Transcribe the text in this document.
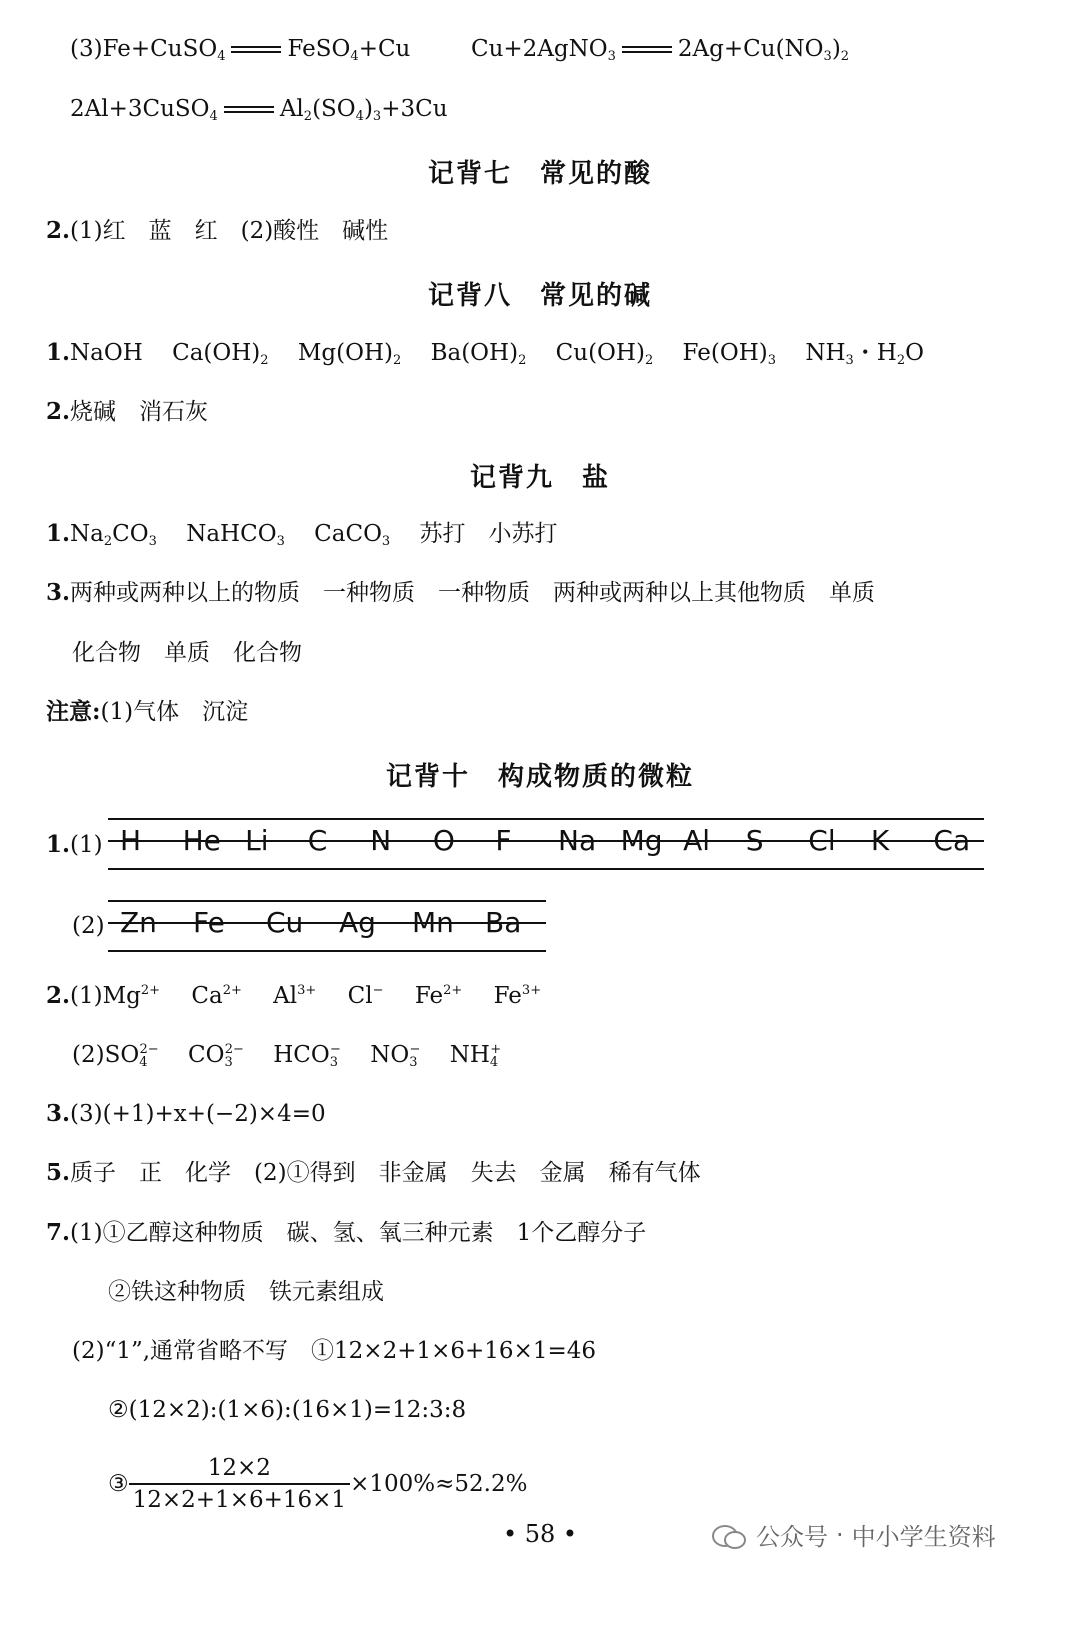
(3)Fe+CuSO$_4$	FeSO$_4$+Cu	Cu+2AgNO$_3$	$2Ag+Cu(NO_3)_2$
2Al+3CuSO$_4$	$Al_2(SO_4)_3+3Cu$
记背七　常见的酸
2.(1)红　蓝　红　(2)酸性　碱性
记背八　常见的碱
1.NaOH $Ca(OH)_2$ $Mg(OH)_2$ $Ba(OH)_2$ $Cu(OH)_2$ $Fe(OH)_3$ $NH_3$・$H_2O$
2.烧碱　消石灰
记背九　盐
$1.Na_2CO_3$ NaHCO$_3$ CaCO$_3$ 苏打　小苏打
3.两种或两种以上的物质　一种物质　一种物质　两种或两种以上其他物质　单质
化合物　单质　化合物
注意:(1)气体　沉淀
记背十　构成物质的微粒
1.(1) H He Li C N O F Na Mg Al S Cl K Ca
(2) Zn Fe Cu Ag Mn Ba
$2.(1)Mg^{2+}$ $Ca^{2+}$ $Al^{3+}$ Cl− $Fe^{2+}$ $Fe^{3+}$
$(2)SO_4^{2-}$ $CO_3^{2-}$ $HCO_3^-$ $NO_3^-$ $NH_4^+$
3.(3)(+1)+x+(−2)×4=0
5.质子　正　化学　(2)①得到　非金属　失去　金属　稀有气体
7.(1)①乙醇这种物质　碳、氢、氧三种元素　1个乙醇分子
②铁这种物质　铁元素组成
(2)“1”,通常省略不写　①12×2+1×6+16×1=46
②(12×2):(1×6):(16×1)=12:3:8
③ $\frac{12\times 2}{12\times 2+1\times 6+16\times 1} \times 100\%\approx 52.2\%$
• 58 •	公众号 · 中小学生资料
